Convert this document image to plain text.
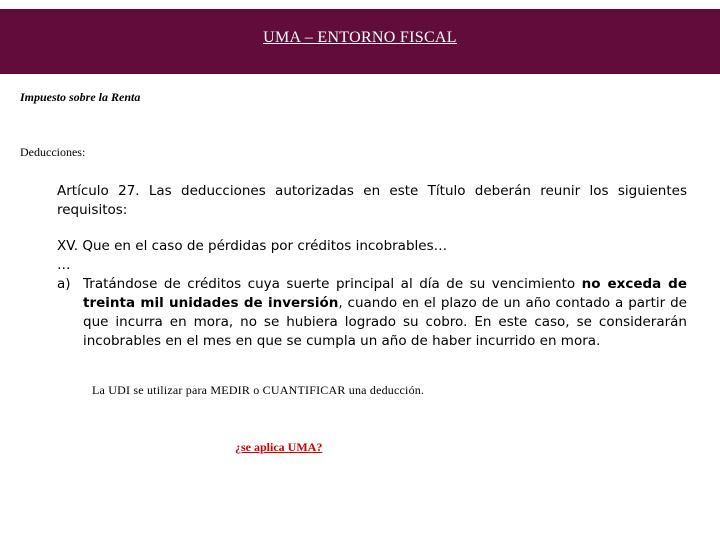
UMA – ENTORNO FISCAL
Impuesto sobre la Renta
Deducciones:
Artículo 27. Las deducciones autorizadas en este Título deberán reunir los siguientes requisitos:
XV. Que en el caso de pérdidas por créditos incobrables…
…
a) Tratándose de créditos cuya suerte principal al día de su vencimiento no exceda de treinta mil unidades de inversión, cuando en el plazo de un año contado a partir de que incurra en mora, no se hubiera logrado su cobro. En este caso, se considerarán incobrables en el mes en que se cumpla un año de haber incurrido en mora.
La UDI se utilizar para MEDIR o CUANTIFICAR una deducción.
¿se aplica UMA?
